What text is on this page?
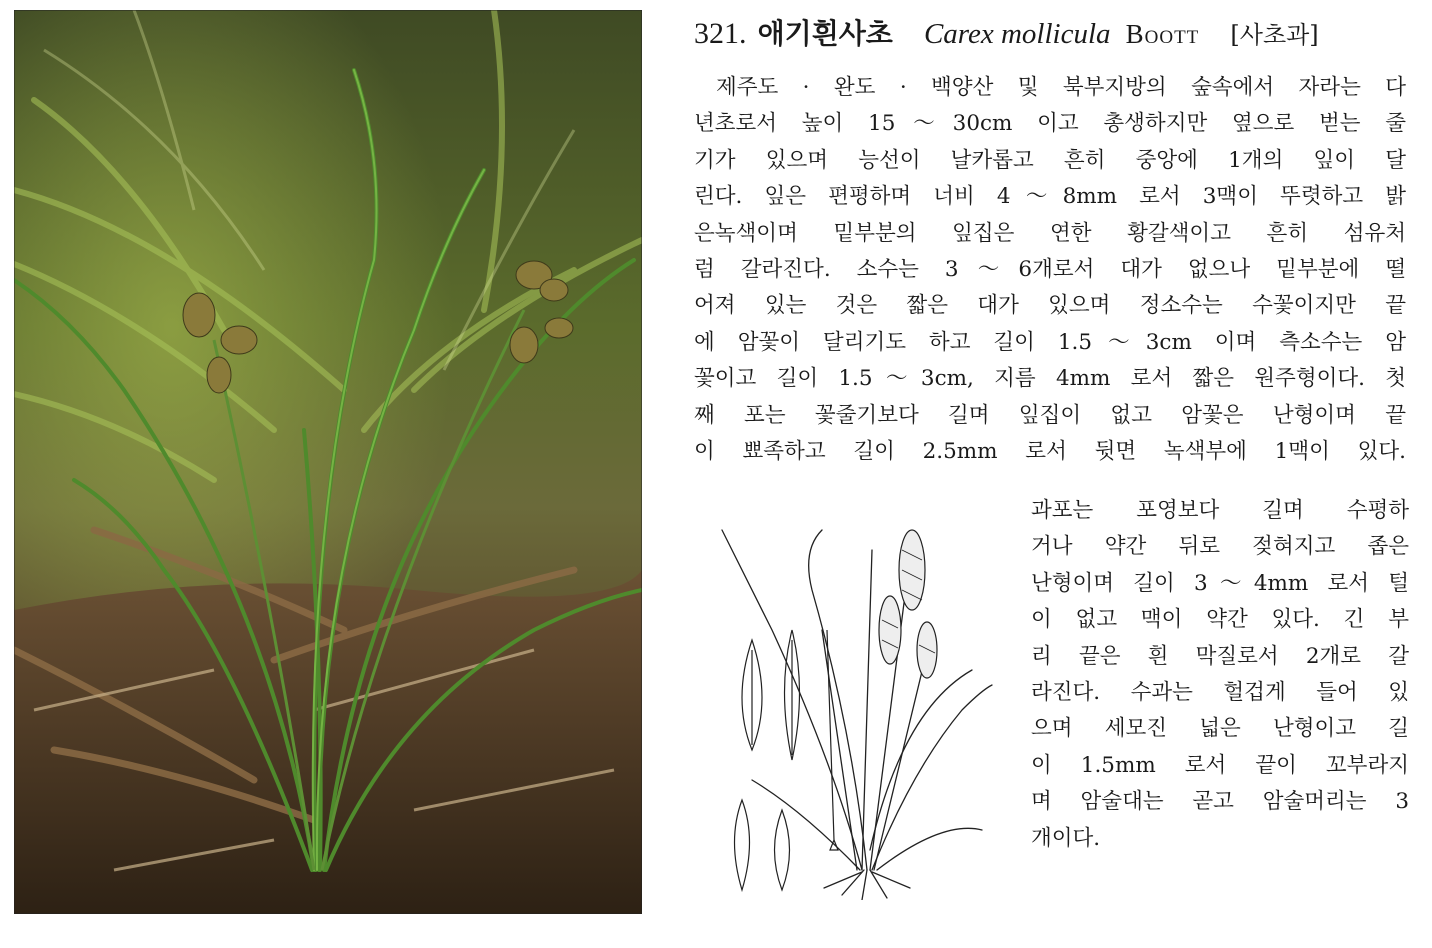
321. 애기흰사초 Carex mollicula Boott [사초과]
제주도 · 완도 · 백양산 및 북부지방의 숲속에서 자라는 다
년초로서 높이 15～30cm 이고 총생하지만 옆으로 벋는 줄
기가 있으며 능선이 날카롭고 흔히 중앙에 1개의 잎이 달
린다. 잎은 편평하며 너비 4～8mm 로서 3맥이 뚜렷하고 밝
은녹색이며 밑부분의 잎집은 연한 황갈색이고 흔히 섬유처
럼 갈라진다. 소수는 3～6개로서 대가 없으나 밑부분에 떨
어져 있는 것은 짧은 대가 있으며 정소수는 수꽃이지만 끝
에 암꽃이 달리기도 하고 길이 1.5～3cm 이며 측소수는 암
꽃이고 길이 1.5～3cm, 지름 4mm 로서 짧은 원주형이다. 첫
째 포는 꽃줄기보다 길며 잎집이 없고 암꽃은 난형이며 끝
이 뾰족하고 길이 2.5mm 로서 뒷면 녹색부에 1맥이 있다.
과포는 포영보다 길며 수평하
거나 약간 뒤로 젖혀지고 좁은
난형이며 길이 3～4mm 로서 털
이 없고 맥이 약간 있다. 긴 부
리 끝은 흰 막질로서 2개로 갈
라진다. 수과는 헐겁게 들어 있
으며 세모진 넓은 난형이고 길
이 1.5mm 로서 끝이 꼬부라지
며 암술대는 곧고 암술머리는 3
개이다.
